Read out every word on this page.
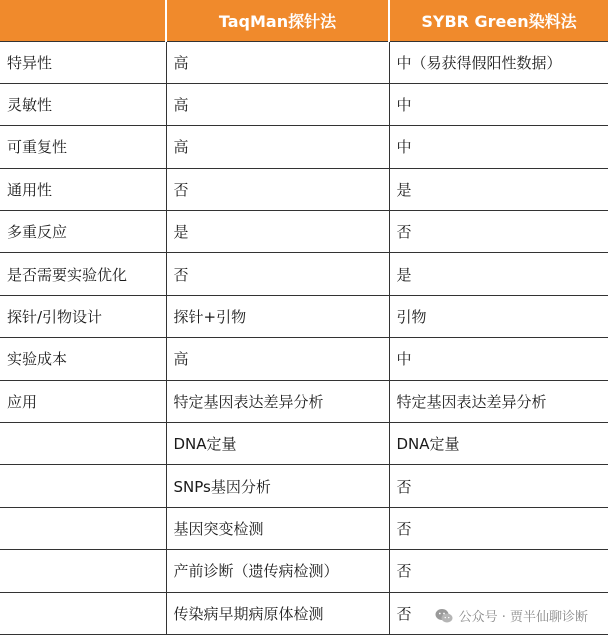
	TaqMan探针法	SYBR Green染料法
特异性	高	中（易获得假阳性数据）
灵敏性	高	中
可重复性	高	中
通用性	否	是
多重反应	是	否
是否需要实验优化	否	是
探针/引物设计	探针+引物	引物
实验成本	高	中
应用	特定基因表达差异分析	特定基因表达差异分析
	DNA定量	DNA定量
	SNPs基因分析	否
	基因突变检测	否
	产前诊断（遗传病检测）	否
	传染病早期病原体检测	否	公众号 · 贾半仙聊诊断
